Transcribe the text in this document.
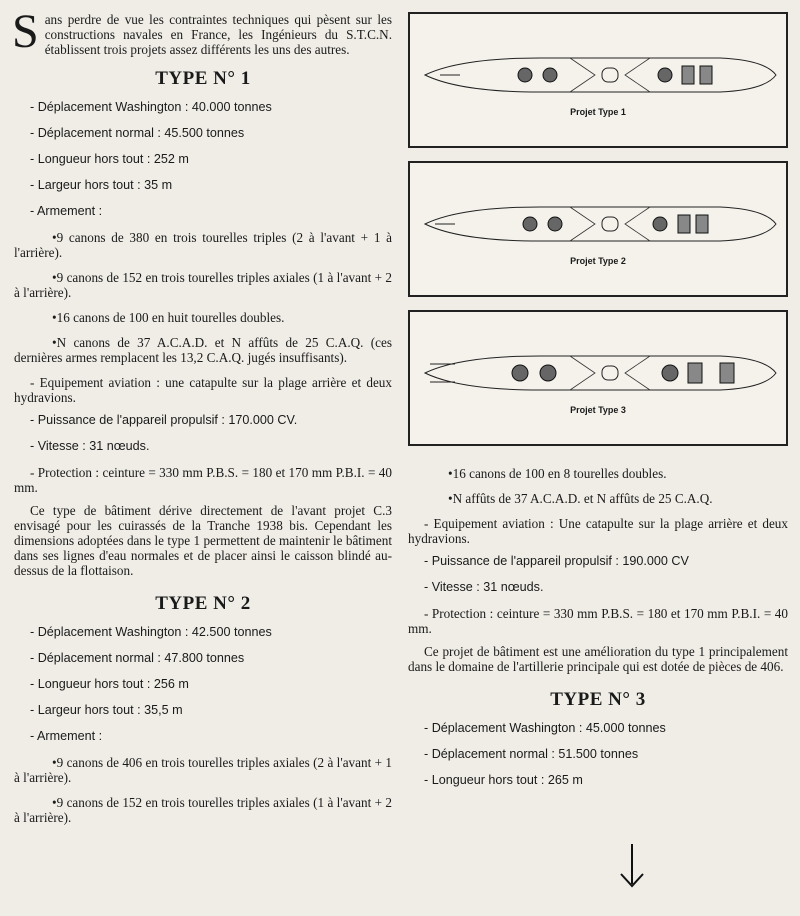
Sans perdre de vue les contraintes techniques qui pèsent sur les constructions navales en France, les Ingénieurs du S.T.C.N. établissent trois projets assez différents les uns des autres.

TYPE N° 1
- Déplacement Washington : 40.000 tonnes
- Déplacement normal : 45.500 tonnes
- Longueur hors tout : 252 m
- Largeur hors tout : 35 m
- Armement :
•9 canons de 380 en trois tourelles triples (2 à l'avant + 1 à l'arrière).
•9 canons de 152 en trois tourelles triples axiales (1 à l'avant + 2 à l'arrière).
•16 canons de 100 en huit tourelles doubles.
•N canons de 37 A.C.A.D. et N affûts de 25 C.A.Q. (ces dernières armes remplacent les 13,2 C.A.Q. jugés insuffisants).
- Equipement aviation : une catapulte sur la plage arrière et deux hydravions.
- Puissance de l'appareil propulsif : 170.000 CV.
- Vitesse : 31 nœuds.
- Protection : ceinture = 330 mm P.B.S. = 180 et 170 mm P.B.I. = 40 mm.

Ce type de bâtiment dérive directement de l'avant projet C.3 envisagé pour les cuirassés de la Tranche 1938 bis. Cependant les dimensions adoptées dans le type 1 permettent de maintenir le bâtiment dans ses lignes d'eau normales et de placer ainsi le caisson blindé au-dessus de la flottaison.

TYPE N° 2
- Déplacement Washington : 42.500 tonnes
- Déplacement normal : 47.800 tonnes
- Longueur hors tout : 256 m
- Largeur hors tout : 35,5 m
- Armement :
•9 canons de 406 en trois tourelles triples axiales (2 à l'avant + 1 à l'arrière).
•9 canons de 152 en trois tourelles triples axiales (1 à l'avant + 2 à l'arrière).
Projet Type 1
Projet Type 2
Projet Type 3
•16 canons de 100 en 8 tourelles doubles.
•N affûts de 37 A.C.A.D. et N affûts de 25 C.A.Q.
- Equipement aviation : Une catapulte sur la plage arrière et deux hydravions.
- Puissance de l'appareil propulsif : 190.000 CV
- Vitesse : 31 nœuds.
- Protection : ceinture = 330 mm P.B.S. = 180 et 170 mm P.B.I. = 40 mm.

Ce projet de bâtiment est une amélioration du type 1 principalement dans le domaine de l'artillerie principale qui est dotée de pièces de 406.

TYPE N° 3
- Déplacement Washington : 45.000 tonnes
- Déplacement normal : 51.500 tonnes
- Longueur hors tout : 265 m
